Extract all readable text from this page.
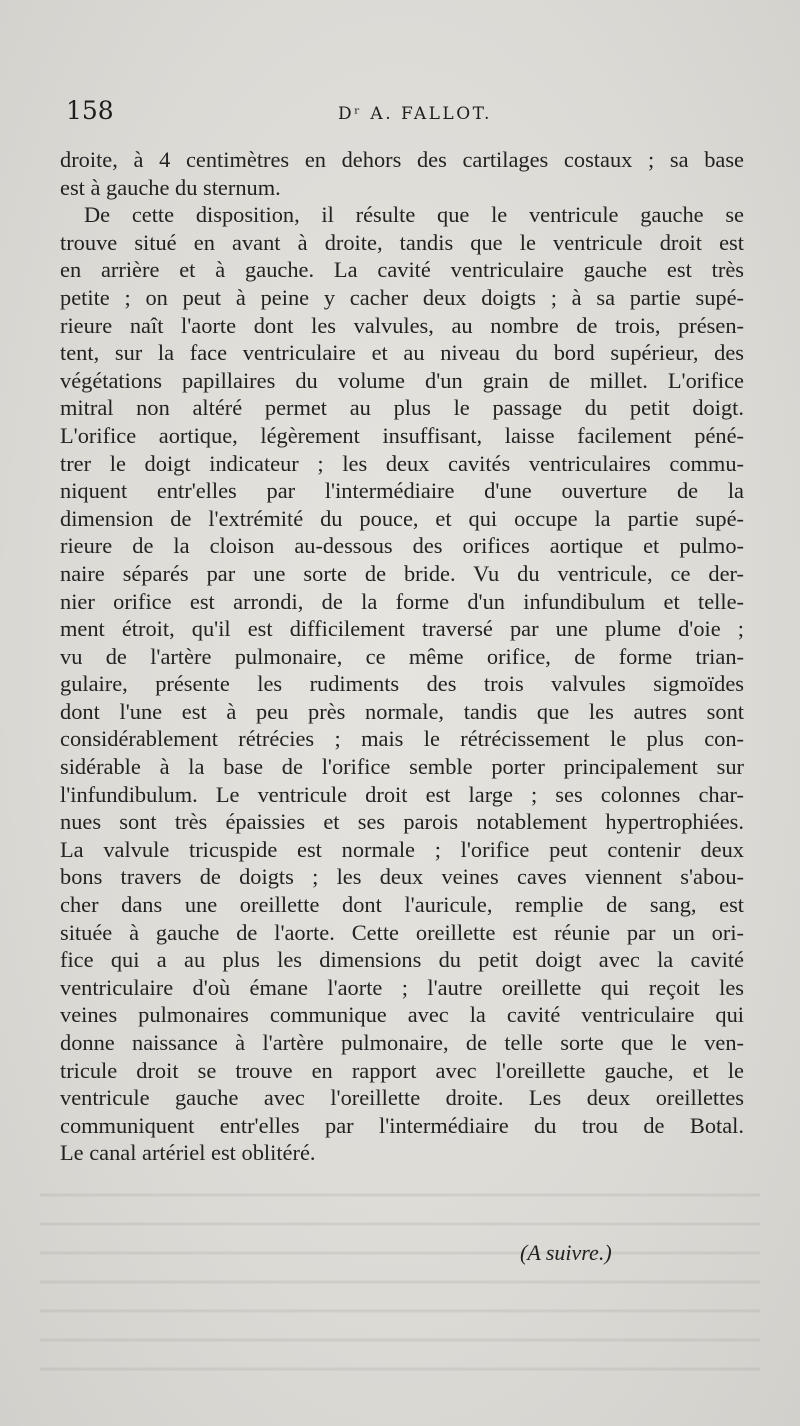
158	Dʳ A. FALLOT.
droite, à 4 centimètres en dehors des cartilages costaux ; sa base
est à gauche du sternum.
De cette disposition, il résulte que le ventricule gauche se
trouve situé en avant à droite, tandis que le ventricule droit est
en arrière et à gauche. La cavité ventriculaire gauche est très
petite ; on peut à peine y cacher deux doigts ; à sa partie supé-
rieure naît l'aorte dont les valvules, au nombre de trois, présen-
tent, sur la face ventriculaire et au niveau du bord supérieur, des
végétations papillaires du volume d'un grain de millet. L'orifice
mitral non altéré permet au plus le passage du petit doigt.
L'orifice aortique, légèrement insuffisant, laisse facilement péné-
trer le doigt indicateur ; les deux cavités ventriculaires commu-
niquent entr'elles par l'intermédiaire d'une ouverture de la
dimension de l'extrémité du pouce, et qui occupe la partie supé-
rieure de la cloison au-dessous des orifices aortique et pulmo-
naire séparés par une sorte de bride. Vu du ventricule, ce der-
nier orifice est arrondi, de la forme d'un infundibulum et telle-
ment étroit, qu'il est difficilement traversé par une plume d'oie ;
vu de l'artère pulmonaire, ce même orifice, de forme trian-
gulaire, présente les rudiments des trois valvules sigmoïdes
dont l'une est à peu près normale, tandis que les autres sont
considérablement rétrécies ; mais le rétrécissement le plus con-
sidérable à la base de l'orifice semble porter principalement sur
l'infundibulum. Le ventricule droit est large ; ses colonnes char-
nues sont très épaissies et ses parois notablement hypertrophiées.
La valvule tricuspide est normale ; l'orifice peut contenir deux
bons travers de doigts ; les deux veines caves viennent s'abou-
cher dans une oreillette dont l'auricule, remplie de sang, est
située à gauche de l'aorte. Cette oreillette est réunie par un ori-
fice qui a au plus les dimensions du petit doigt avec la cavité
ventriculaire d'où émane l'aorte ; l'autre oreillette qui reçoit les
veines pulmonaires communique avec la cavité ventriculaire qui
donne naissance à l'artère pulmonaire, de telle sorte que le ven-
tricule droit se trouve en rapport avec l'oreillette gauche, et le
ventricule gauche avec l'oreillette droite. Les deux oreillettes
communiquent entr'elles par l'intermédiaire du trou de Botal.
Le canal artériel est oblitéré.
(A suivre.)
